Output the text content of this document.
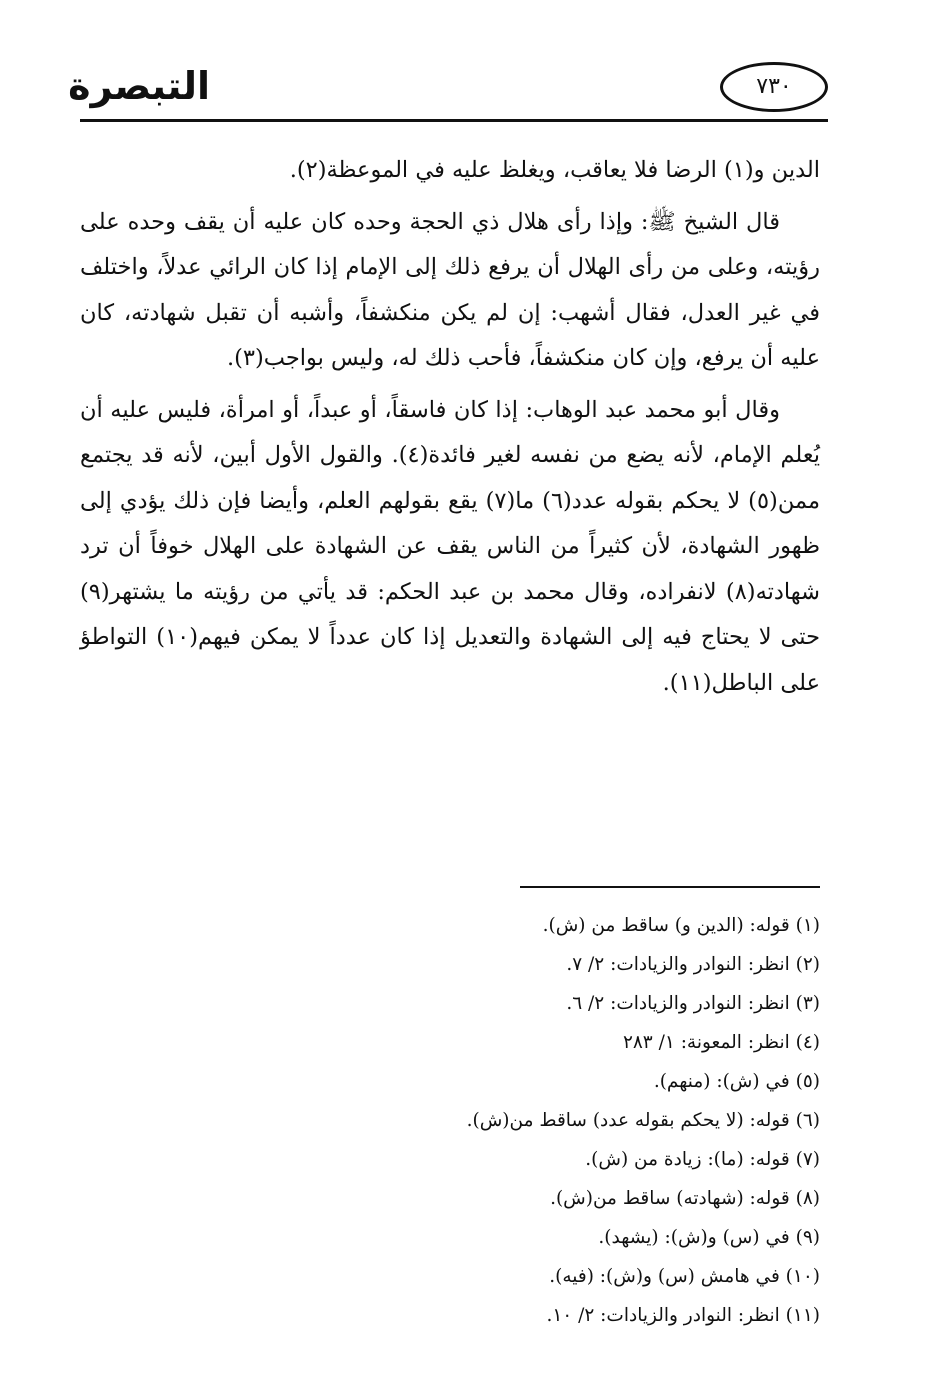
التبصرة	٧٣٠

الدين و(١) الرضا فلا يعاقب، ويغلظ عليه في الموعظة(٢).

قال الشيخ ﷺ: وإذا رأى هلال ذي الحجة وحده كان عليه أن يقف وحده على رؤيته، وعلى من رأى الهلال أن يرفع ذلك إلى الإمام إذا كان الرائي عدلاً، واختلف في غير العدل، فقال أشهب: إن لم يكن منكشفاً، وأشبه أن تقبل شهادته، كان عليه أن يرفع، وإن كان منكشفاً، فأحب ذلك له، وليس بواجب(٣).

وقال أبو محمد عبد الوهاب: إذا كان فاسقاً، أو عبداً، أو امرأة، فليس عليه أن يُعلم الإمام، لأنه يضع من نفسه لغير فائدة(٤). والقول الأول أبين، لأنه قد يجتمع ممن(٥) لا يحكم بقوله عدد(٦) ما(٧) يقع بقولهم العلم، وأيضا فإن ذلك يؤدي إلى ظهور الشهادة، لأن كثيراً من الناس يقف عن الشهادة على الهلال خوفاً أن ترد شهادته(٨) لانفراده، وقال محمد بن عبد الحكم: قد يأتي من رؤيته ما يشتهر(٩) حتى لا يحتاج فيه إلى الشهادة والتعديل إذا كان عدداً لا يمكن فيهم(١٠) التواطؤ على الباطل(١١).

(١) قوله: (الدين و) ساقط من (ش).
(٢) انظر: النوادر والزيادات: ٢/ ٧.
(٣) انظر: النوادر والزيادات: ٢/ ٦.
(٤) انظر: المعونة: ١/ ٢٨٣
(٥) في (ش): (منهم).
(٦) قوله: (لا يحكم بقوله عدد) ساقط من(ش).
(٧) قوله: (ما): زيادة من (ش).
(٨) قوله: (شهادته) ساقط من(ش).
(٩) في (س) و(ش): (يشهد).
(١٠) في هامش (س) و(ش): (فيه).
(١١) انظر: النوادر والزيادات: ٢/ ١٠.
